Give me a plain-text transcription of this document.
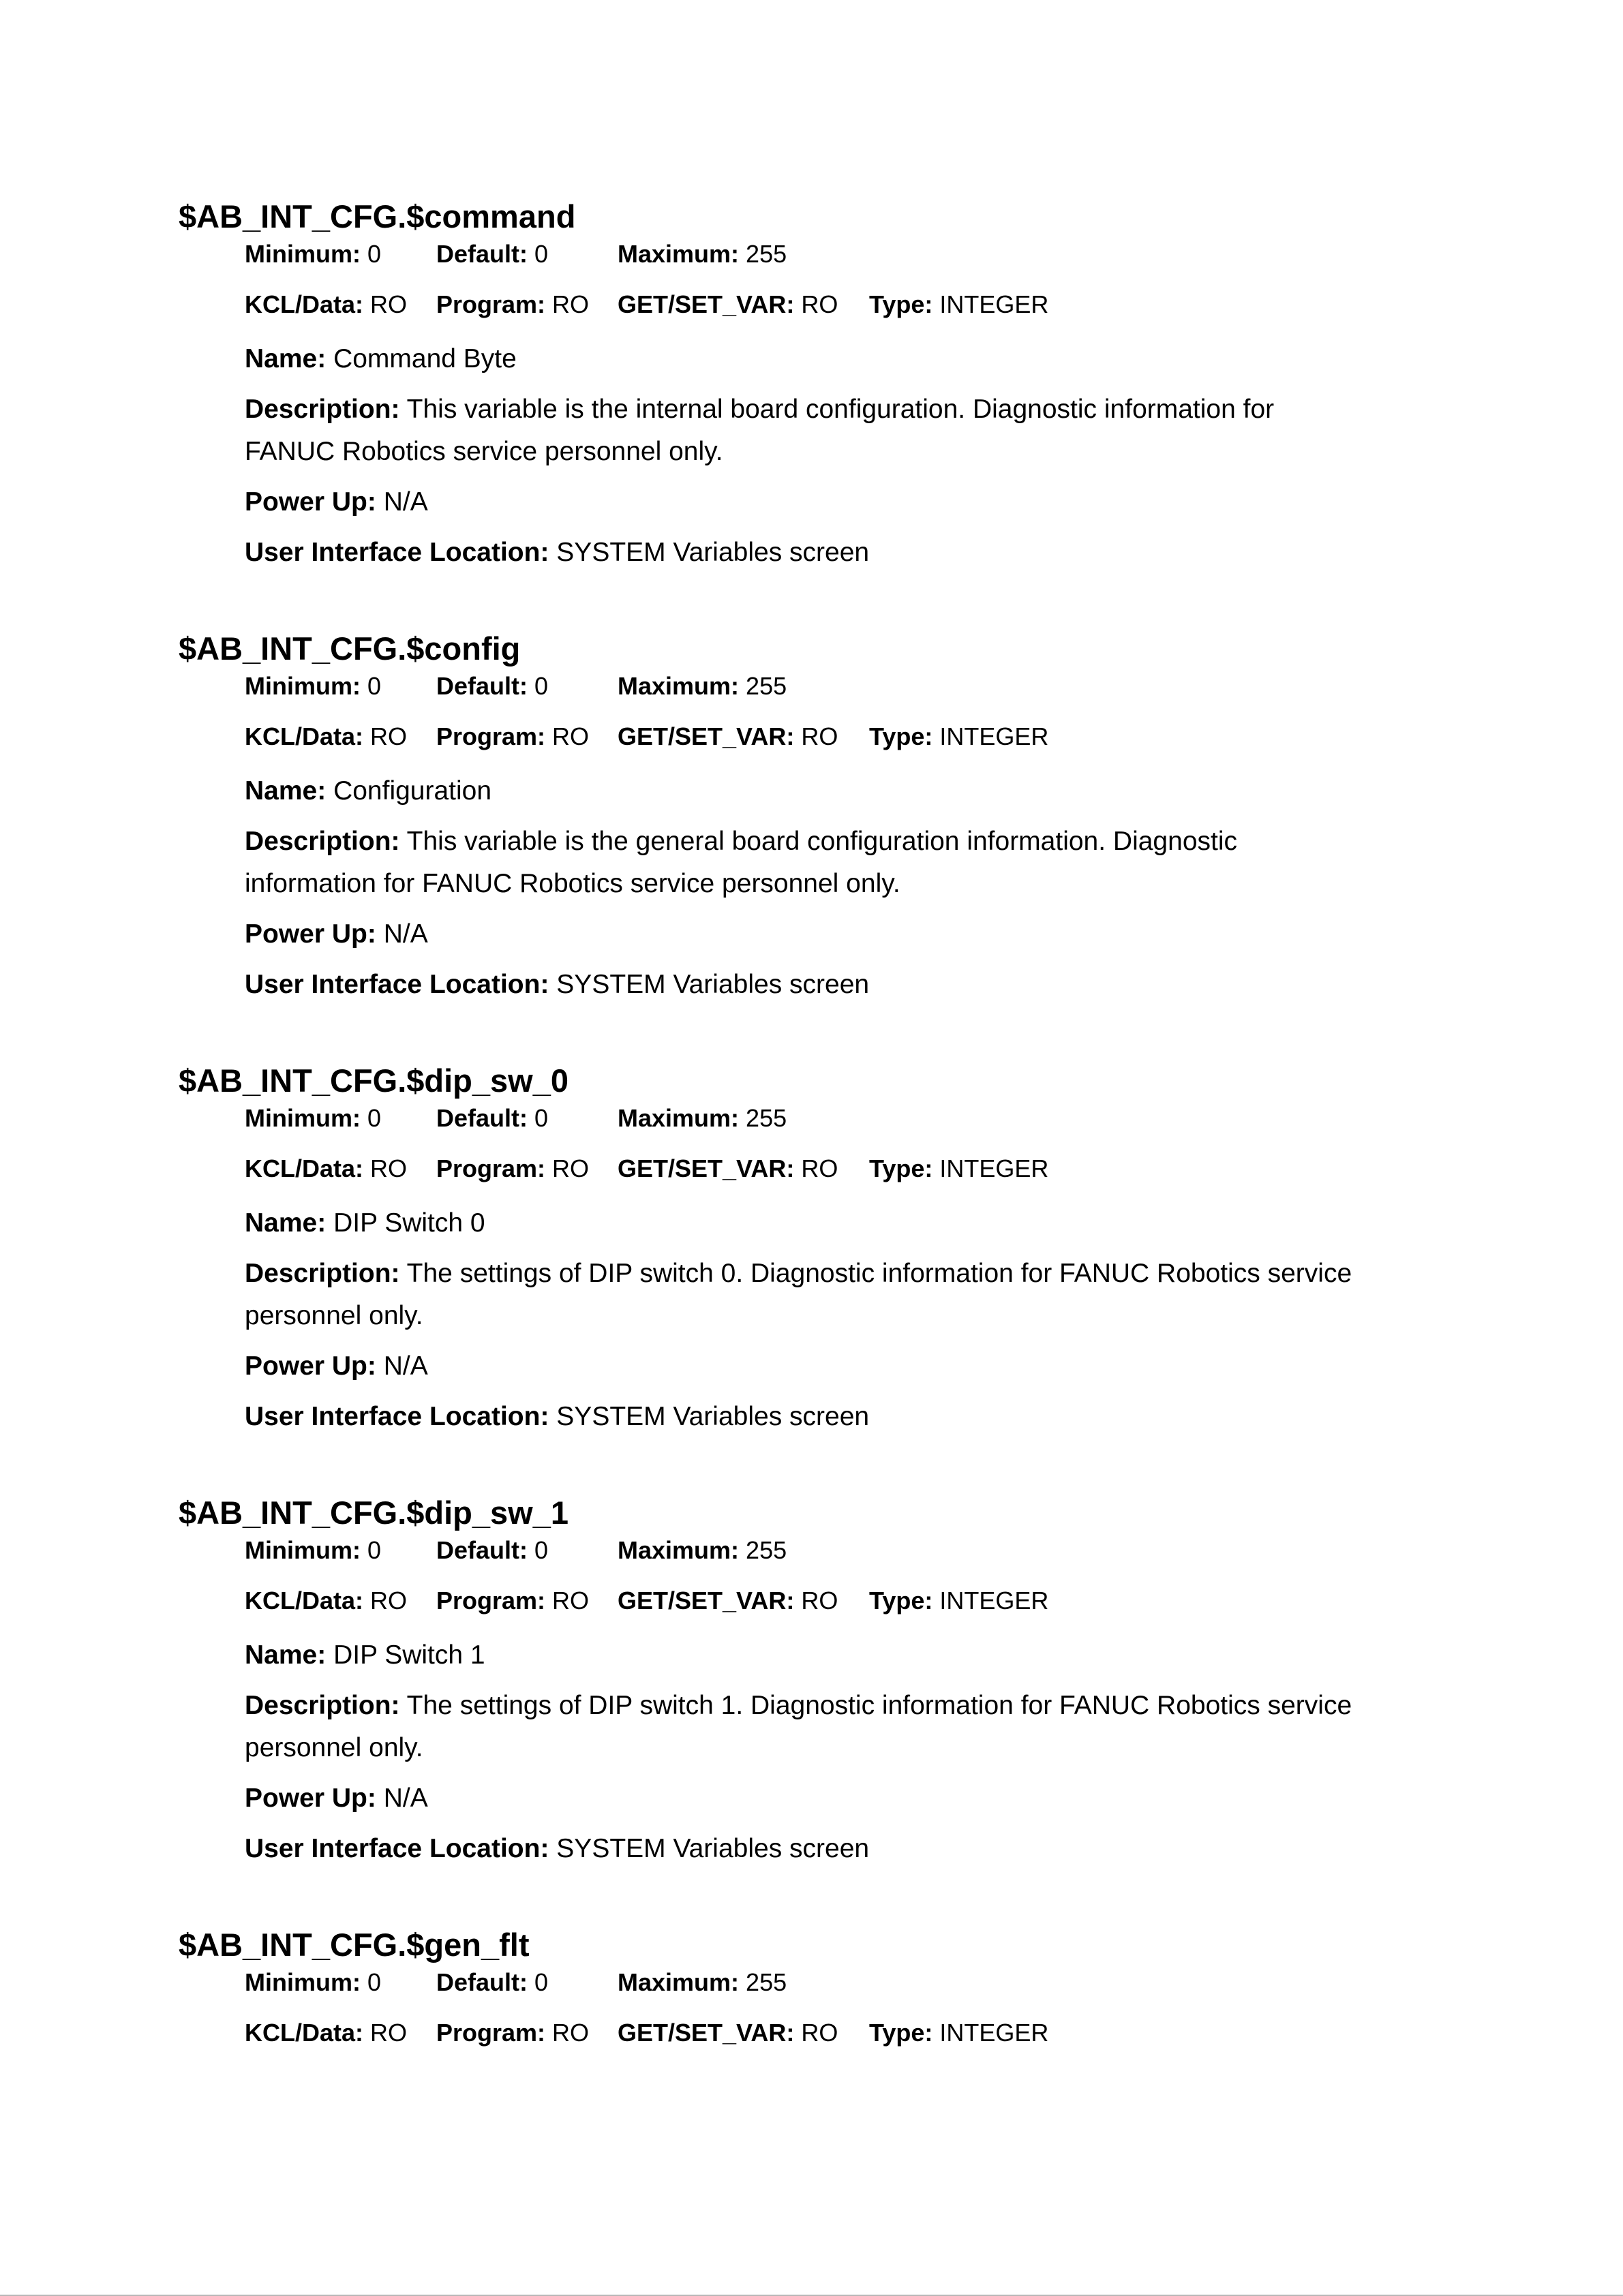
$AB_INT_CFG.$command
Minimum: 0 Default: 0	Maximum: 255
KCL/Data: RO Program: RO GET/SET_VAR: RO Type: INTEGER

Name: Command Byte

Description: This variable is the internal board configuration. Diagnostic information for
FANUC Robotics service personnel only.

Power Up: N/A

User Interface Location: SYSTEM Variables screen

$AB_INT_CFG.$config
Minimum: 0 Default: 0	Maximum: 255
KCL/Data: RO Program: RO GET/SET_VAR: RO Type: INTEGER

Name: Configuration

Description: This variable is the general board configuration information. Diagnostic
information for FANUC Robotics service personnel only.

Power Up: N/A

User Interface Location: SYSTEM Variables screen

$AB_INT_CFG.$dip_sw_0
Minimum: 0 Default: 0	Maximum: 255
KCL/Data: RO Program: RO GET/SET_VAR: RO Type: INTEGER

Name: DIP Switch 0

Description: The settings of DIP switch 0. Diagnostic information for FANUC Robotics service
personnel only.

Power Up: N/A

User Interface Location: SYSTEM Variables screen

$AB_INT_CFG.$dip_sw_1
Minimum: 0 Default: 0	Maximum: 255
KCL/Data: RO Program: RO GET/SET_VAR: RO Type: INTEGER

Name: DIP Switch 1

Description: The settings of DIP switch 1. Diagnostic information for FANUC Robotics service
personnel only.

Power Up: N/A

User Interface Location: SYSTEM Variables screen

$AB_INT_CFG.$gen_flt
Minimum: 0 Default: 0	Maximum: 255
KCL/Data: RO Program: RO GET/SET_VAR: RO Type: INTEGER
